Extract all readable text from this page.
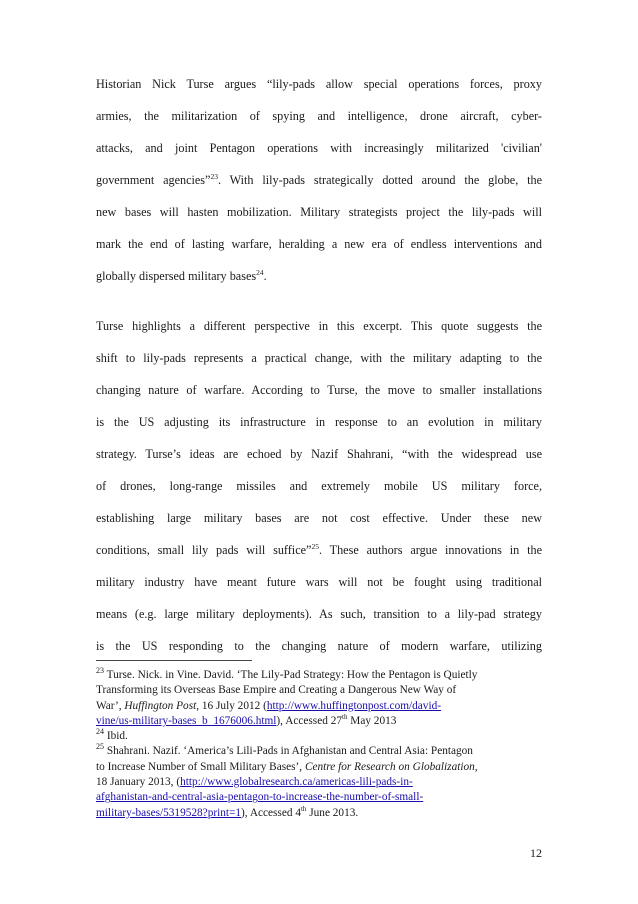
Historian Nick Turse argues “lily-pads allow special operations forces, proxy
armies, the militarization of spying and intelligence, drone aircraft, cyber-
attacks, and joint Pentagon operations with increasingly militarized 'civilian'
government agencies”$^{23}$. With lily-pads strategically dotted around the globe, the
new bases will hasten mobilization. Military strategists project the lily-pads will
mark the end of lasting warfare, heralding a new era of endless interventions and
globally dispersed military bases$^{24}$.
Turse highlights a different perspective in this excerpt. This quote suggests the
shift to lily-pads represents a practical change, with the military adapting to the
changing nature of warfare. According to Turse, the move to smaller installations
is the US adjusting its infrastructure in response to an evolution in military
strategy. Turse’s ideas are echoed by Nazif Shahrani, “with the widespread use
of drones, long-range missiles and extremely mobile US military force,
establishing large military bases are not cost effective. Under these new
conditions, small lily pads will suffice”$^{25}$. These authors argue innovations in the
military industry have meant future wars will not be fought using traditional
means (e.g. large military deployments). As such, transition to a lily-pad strategy
is the US responding to the changing nature of modern warfare, utilizing

$^{23}$ Turse. Nick. in Vine. David. ‘The Lily-Pad Strategy: How the Pentagon is Quietly
Transforming its Overseas Base Empire and Creating a Dangerous New Way of
War’, Huffington Post, 16 July 2012 (http://www.huffingtonpost.com/david-
vine/us-military-bases_b_1676006.html), Accessed 27th May 2013

$^{24}$ Ibid.

$^{25}$ Shahrani. Nazif. ‘America’s Lili-Pads in Afghanistan and Central Asia: Pentagon
to Increase Number of Small Military Bases’, Centre for Research on Globalization,
18 January 2013, (http://www.globalresearch.ca/americas-lili-pads-in-
afghanistan-and-central-asia-pentagon-to-increase-the-number-of-small-
military-bases/5319528?print=1), Accessed 4th June 2013.

12
